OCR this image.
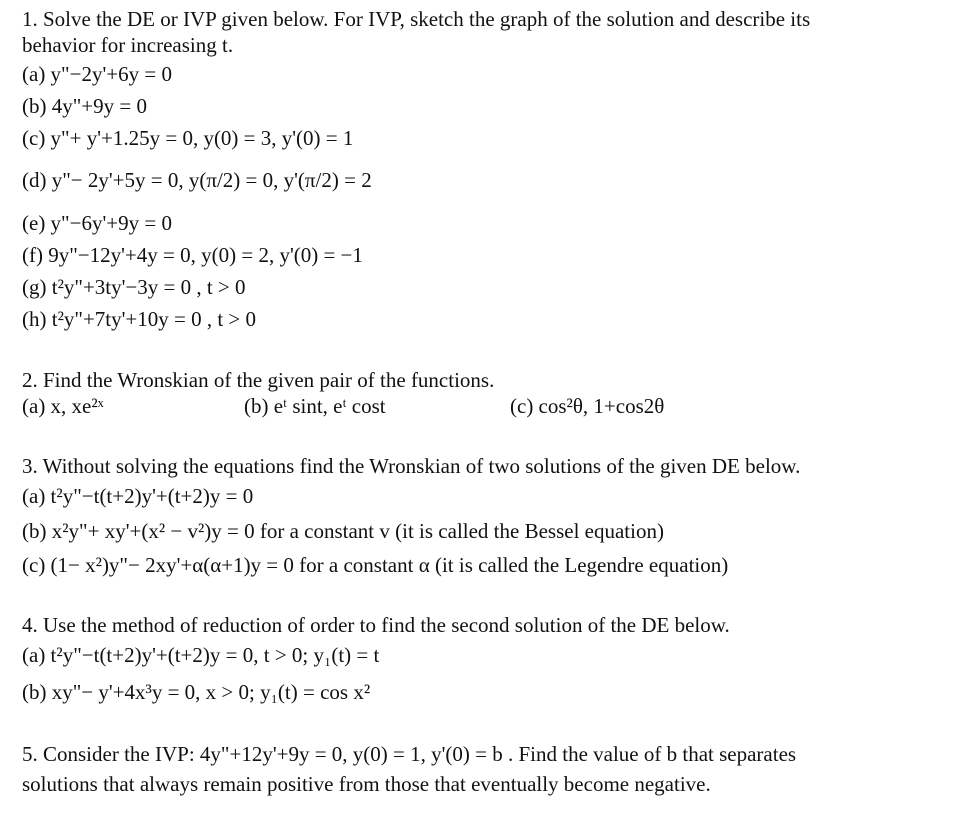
1. Solve the DE or IVP given below. For IVP, sketch the graph of the solution and describe its
behavior for increasing t.
(a) y"−2y'+6y = 0
(b) 4y"+9y = 0
(c) y"+ y'+1.25y = 0, y(0) = 3, y'(0) = 1
(d) y"− 2y'+5y = 0, y(π/2) = 0, y'(π/2) = 2
(e) y"−6y'+9y = 0
(f) 9y"−12y'+4y = 0, y(0) = 2, y'(0) = −1
(g) t²y"+3ty'−3y = 0 , t > 0
(h) t²y"+7ty'+10y = 0 , t > 0
2. Find the Wronskian of the given pair of the functions.
(a) x, xe²ˣ	(b) eᵗ sint, eᵗ cost	(c) cos²θ, 1+cos2θ
3. Without solving the equations find the Wronskian of two solutions of the given DE below.
(a) t²y"−t(t+2)y'+(t+2)y = 0
(b) x²y"+ xy'+(x² − v²)y = 0 for a constant v (it is called the Bessel equation)
(c) (1− x²)y"− 2xy'+α(α+1)y = 0 for a constant α (it is called the Legendre equation)
4. Use the method of reduction of order to find the second solution of the DE below.
(a) t²y"−t(t+2)y'+(t+2)y = 0, t > 0; y₁(t) = t
(b) xy"− y'+4x³y = 0, x > 0; y₁(t) = cos x²
5. Consider the IVP: 4y"+12y'+9y = 0, y(0) = 1, y'(0) = b . Find the value of b that separates
solutions that always remain positive from those that eventually become negative.
